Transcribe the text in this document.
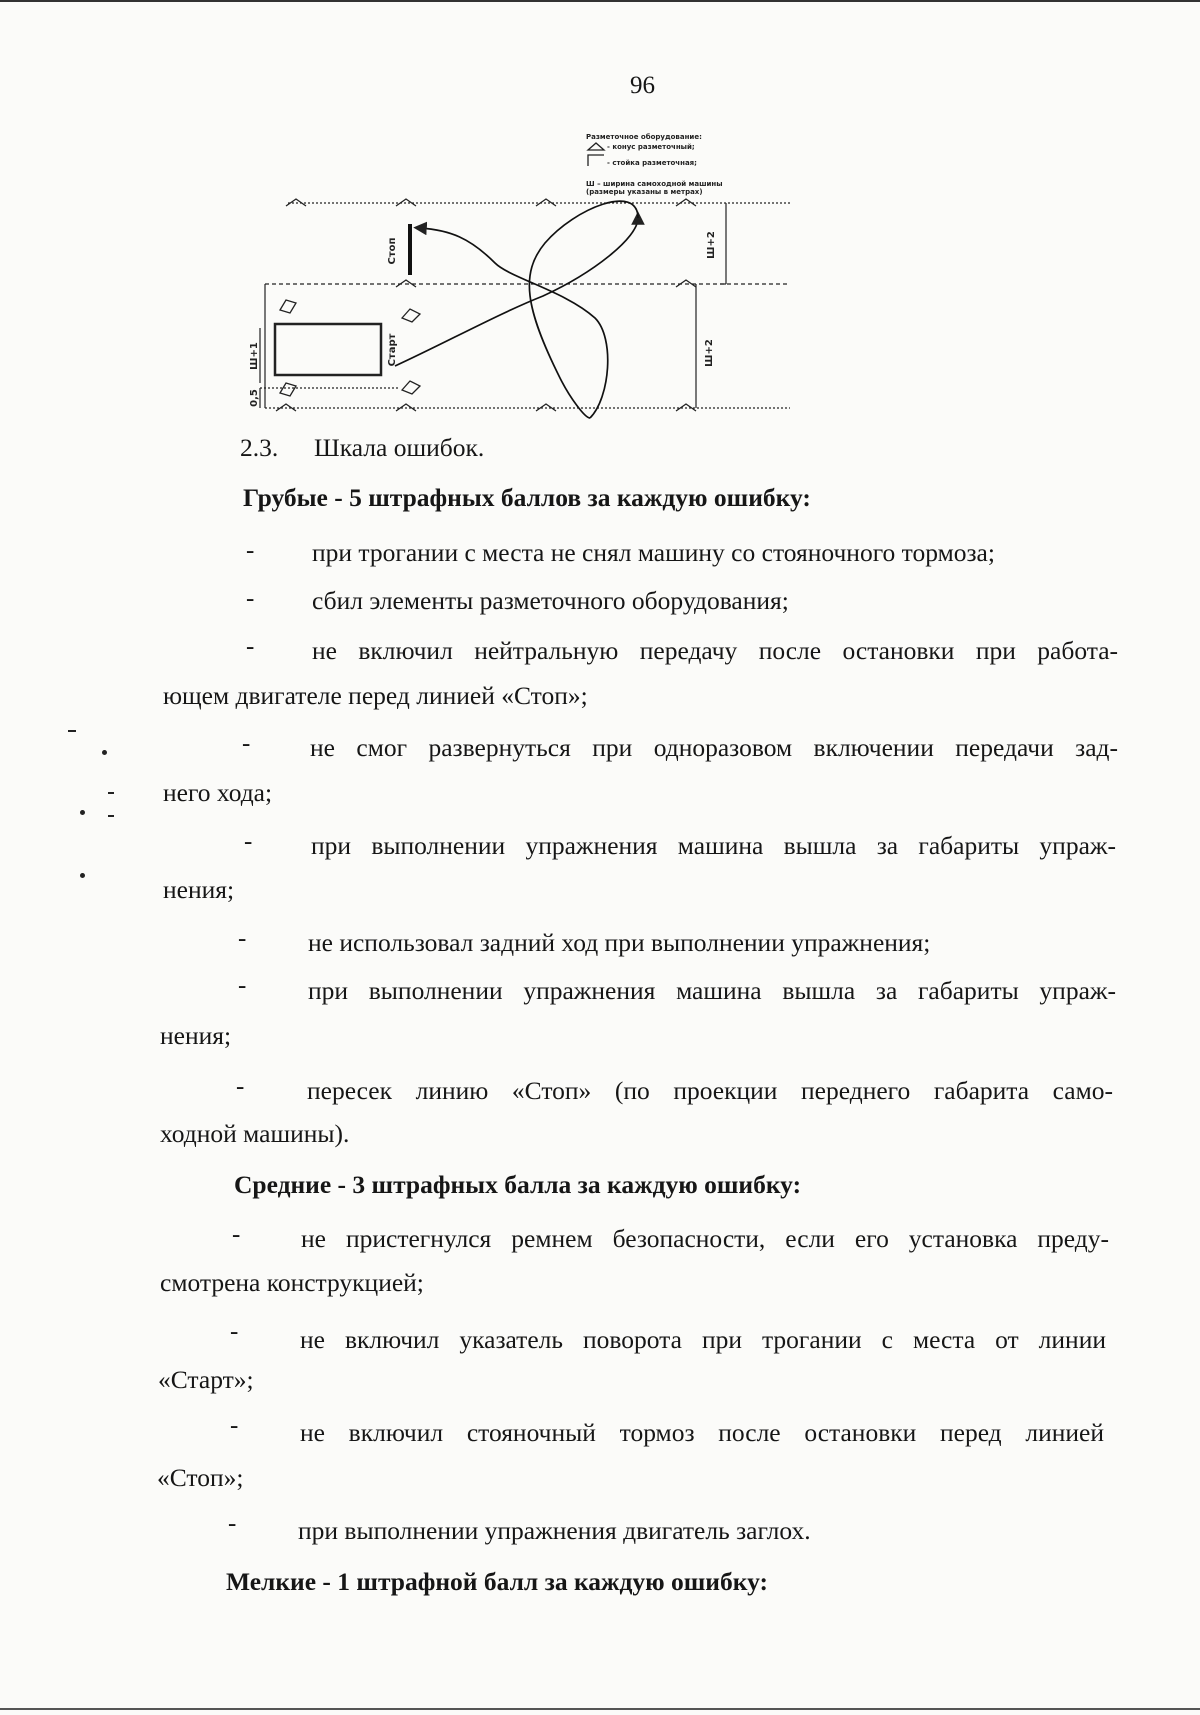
96
Разметочное оборудование:
- конус разметочный;
- стойка разметочная;
Ш – ширина самоходной машины
(размеры указаны в метрах)
Стоп
Старт
Ш+2
Ш+2
Ш+1
0,5
2.3. Шкала ошибок.
Грубые - 5 штрафных баллов за каждую ошибку:
- при трогании с места не снял машину со стояночного тормоза;
- сбил элементы разметочного оборудования;
- не включил нейтральную передачу после остановки при работа-
ющем двигателе перед линией «Стоп»;
- не смог развернуться при одноразовом включении передачи зад-
него хода;
- при выполнении упражнения машина вышла за габариты упраж-
нения;
- не использовал задний ход при выполнении упражнения;
- при выполнении упражнения машина вышла за габариты упраж-
нения;
- пересек линию «Стоп» (по проекции переднего габарита само-
ходной машины).
Средние - 3 штрафных балла за каждую ошибку:
- не пристегнулся ремнем безопасности, если его установка преду-
смотрена конструкцией;
- не включил указатель поворота при трогании с места от линии
«Старт»;
- не включил стояночный тормоз после остановки перед линией
«Стоп»;
- при выполнении упражнения двигатель заглох.
Мелкие - 1 штрафной балл за каждую ошибку:
